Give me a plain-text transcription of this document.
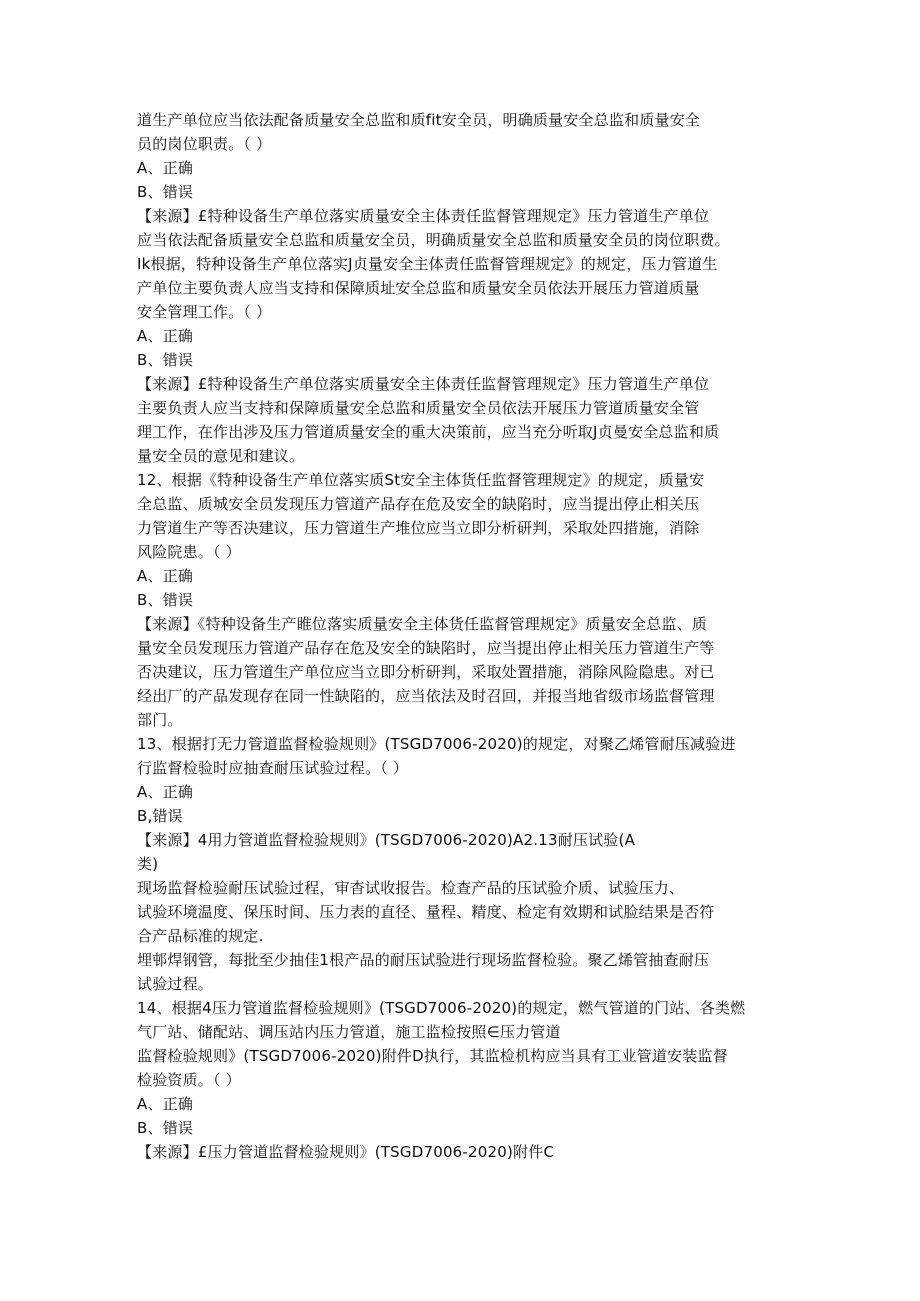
道生产单位应当依法配备质量安全总监和质fit安全员，明确质量安全总监和质量安全
员的岗位职责。（ ）
A、正确
B、错误
【来源】£特种设备生产单位落实质量安全主体责任监督管理规定》压力管道生产单位
应当依法配备质量安全总监和质量安全员，明确质量安全总监和质量安全员的岗位职费。
Ik根据，特种设备生产单位落实J贞量安全主体责任监督管理规定》的规定，压力管道生
产单位主要负责人应当支持和保障质址安全总监和质量安全员依法开展压力管道质量
安全管理工作。（ ）
A、正确
B、错误
【来源】£特种设备生产单位落实质量安全主体责任监督管理规定》压力管道生产单位
主要负责人应当支持和保障质量安全总监和质量安全员依法开展压力管道质量安全管
理工作，在作出涉及压力管道质量安全的重大决策前，应当充分听取J贞曼安全总监和质
量安全员的意见和建议。
12、根据《特种设备生产单位落实质St安全主体货任监督管理规定》的规定，质量安
全总监、质城安全员发现压力管道产品存在危及安全的缺陷时，应当提出停止相关压
力管道生产等否决建议，压力管道生产堆位应当立即分析研判，采取处四措施，消除
风险院患。（ ）
A、正确
B、错误
【来源】《特种设备生产睢位落实质量安全主体货任监督管理规定》质量安全总监、质
量安全员发现压力管道产品存在危及安全的缺陷时，应当提出停止相关压力管道生产等
否决建议，压力管道生产单位应当立即分析研判，采取处置措施，消除风险隐患。对已
经出厂的产品发现存在同一性缺陷的，应当依法及时召回，并报当地省级市场监督管理
部门。
13、根据打无力管道监督检验规则》(TSGD7006-2020)的规定，对聚乙烯管耐压减验进
行监督检验时应抽查耐压试验过程。（ ）
A、正确
B,错误
【来源】4用力管道监督检验规则》(TSGD7006-2020)A2.13耐压试验(A
类)
现场监督检验耐压试验过程，审杳试收报告。检查产品的压试验介质、试验压力、
试验环境温度、保压时间、压力表的直径、量程、精度、检定有效期和试脸结果是否符
合产品标准的规定.
埋邨焊钢管，每批至少抽佳1根产品的耐压试验进行现场监督检验。聚乙烯管抽查耐压
试验过程。
14、根据4压力管道监督检验规则》(TSGD7006-2020)的规定，燃气管道的门站、各类燃
气厂站、储配站、调压站内压力管道，施工监检按照∈压力管道
监督检验规则》(TSGD7006-2020)附件D执行，其监检机构应当具有工业管道安装监督
检验资质。（ ）
A、正确
B、错误
【来源】£压力管道监督检验规则》(TSGD7006-2020)附件C
